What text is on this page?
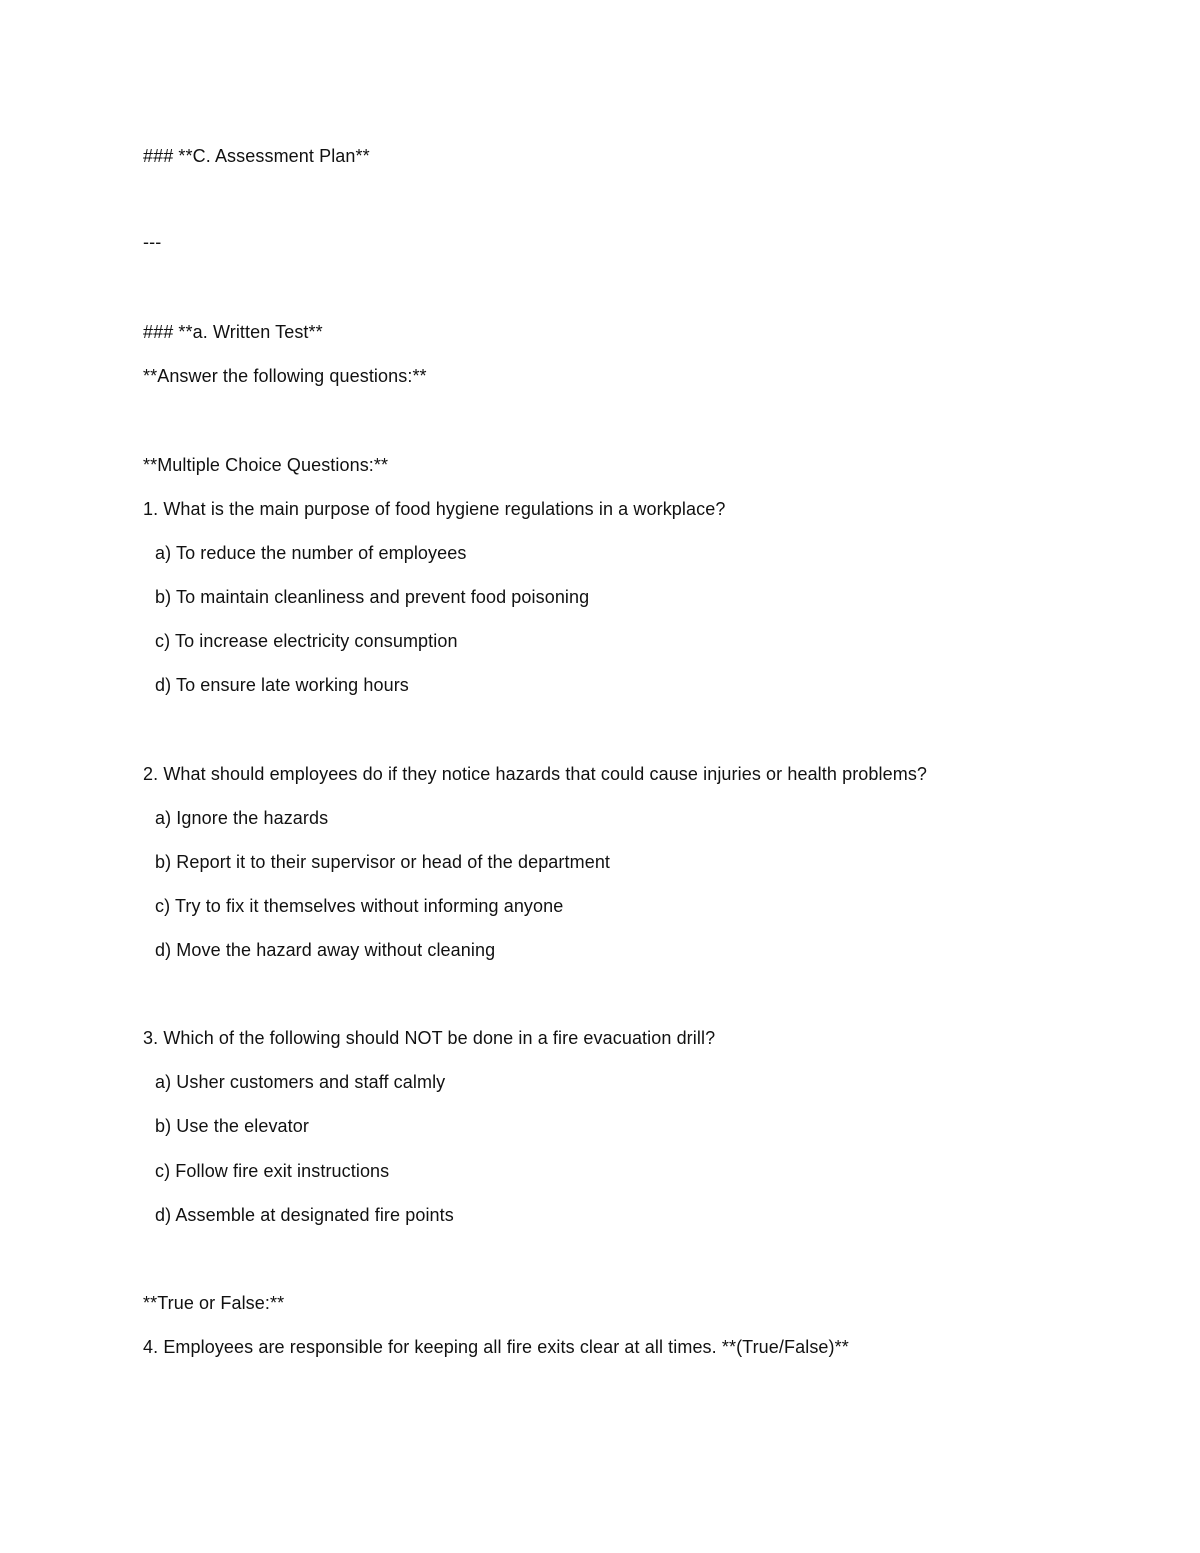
### **C. Assessment Plan**
---
### **a. Written Test**
**Answer the following questions:**
**Multiple Choice Questions:**
1. What is the main purpose of food hygiene regulations in a workplace?
a) To reduce the number of employees
b) To maintain cleanliness and prevent food poisoning
c) To increase electricity consumption
d) To ensure late working hours
2. What should employees do if they notice hazards that could cause injuries or health problems?
a) Ignore the hazards
b) Report it to their supervisor or head of the department
c) Try to fix it themselves without informing anyone
d) Move the hazard away without cleaning
3. Which of the following should NOT be done in a fire evacuation drill?
a) Usher customers and staff calmly
b) Use the elevator
c) Follow fire exit instructions
d) Assemble at designated fire points
**True or False:**
4. Employees are responsible for keeping all fire exits clear at all times. **(True/False)**
